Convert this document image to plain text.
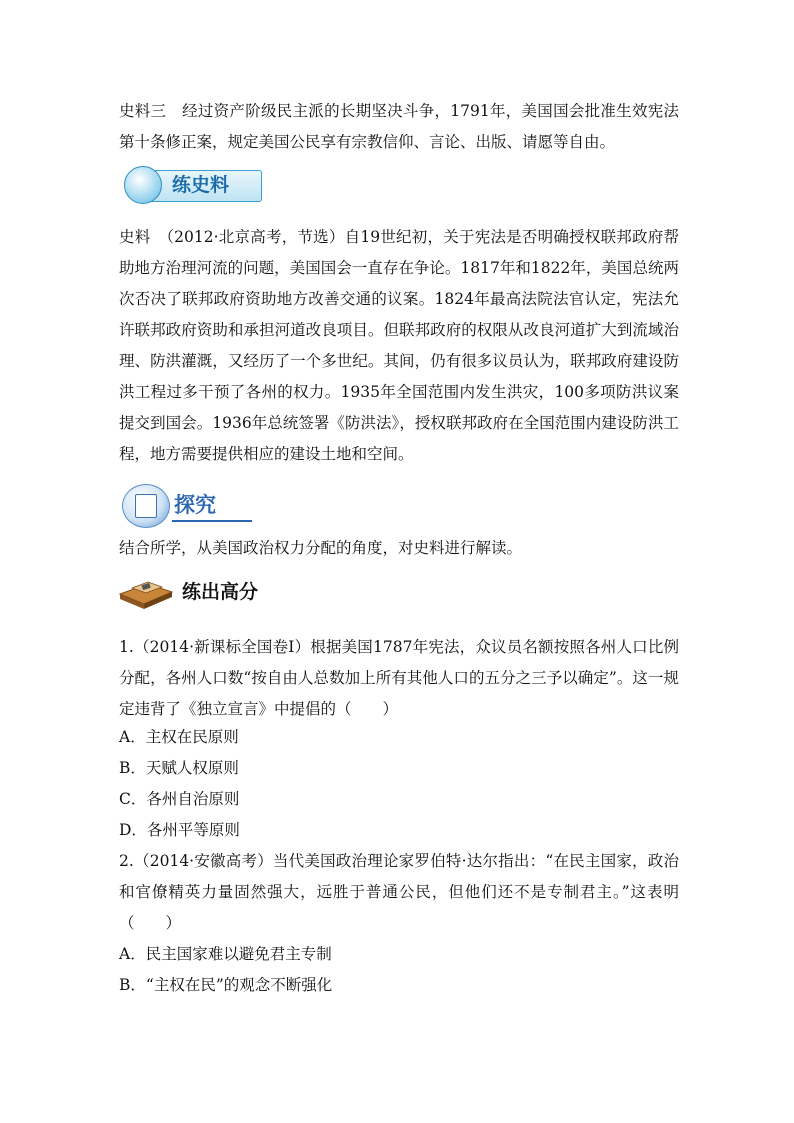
史料三　经过资产阶级民主派的长期坚决斗争，1791年，美国国会批准生效宪法第十条修正案，规定美国公民享有宗教信仰、言论、出版、请愿等自由。

练史料

史料　（2012·北京高考，节选）自19世纪初，关于宪法是否明确授权联邦政府帮助地方治理河流的问题，美国国会一直存在争论。1817年和1822年，美国总统两次否决了联邦政府资助地方改善交通的议案。1824年最高法院法官认定，宪法允许联邦政府资助和承担河道改良项目。但联邦政府的权限从改良河道扩大到流域治理、防洪灌溉，又经历了一个多世纪。其间，仍有很多议员认为，联邦政府建设防洪工程过多干预了各州的权力。1935年全国范围内发生洪灾，100多项防洪议案提交到国会。1936年总统签署《防洪法》，授权联邦政府在全国范围内建设防洪工程，地方需要提供相应的建设土地和空间。

探究

结合所学，从美国政治权力分配的角度，对史料进行解读。

练出高分

1.（2014·新课标全国卷Ⅰ）根据美国1787年宪法，众议员名额按照各州人口比例分配，各州人口数“按自由人总数加上所有其他人口的五分之三予以确定”。这一规定违背了《独立宣言》中提倡的（　　）

A．主权在民原则

B．天赋人权原则

C．各州自治原则

D．各州平等原则

2.（2014·安徽高考）当代美国政治理论家罗伯特·达尔指出：“在民主国家，政治和官僚精英力量固然强大，远胜于普通公民，但他们还不是专制君主。”这表明（　　）

A．民主国家难以避免君主专制

B．“主权在民”的观念不断强化
